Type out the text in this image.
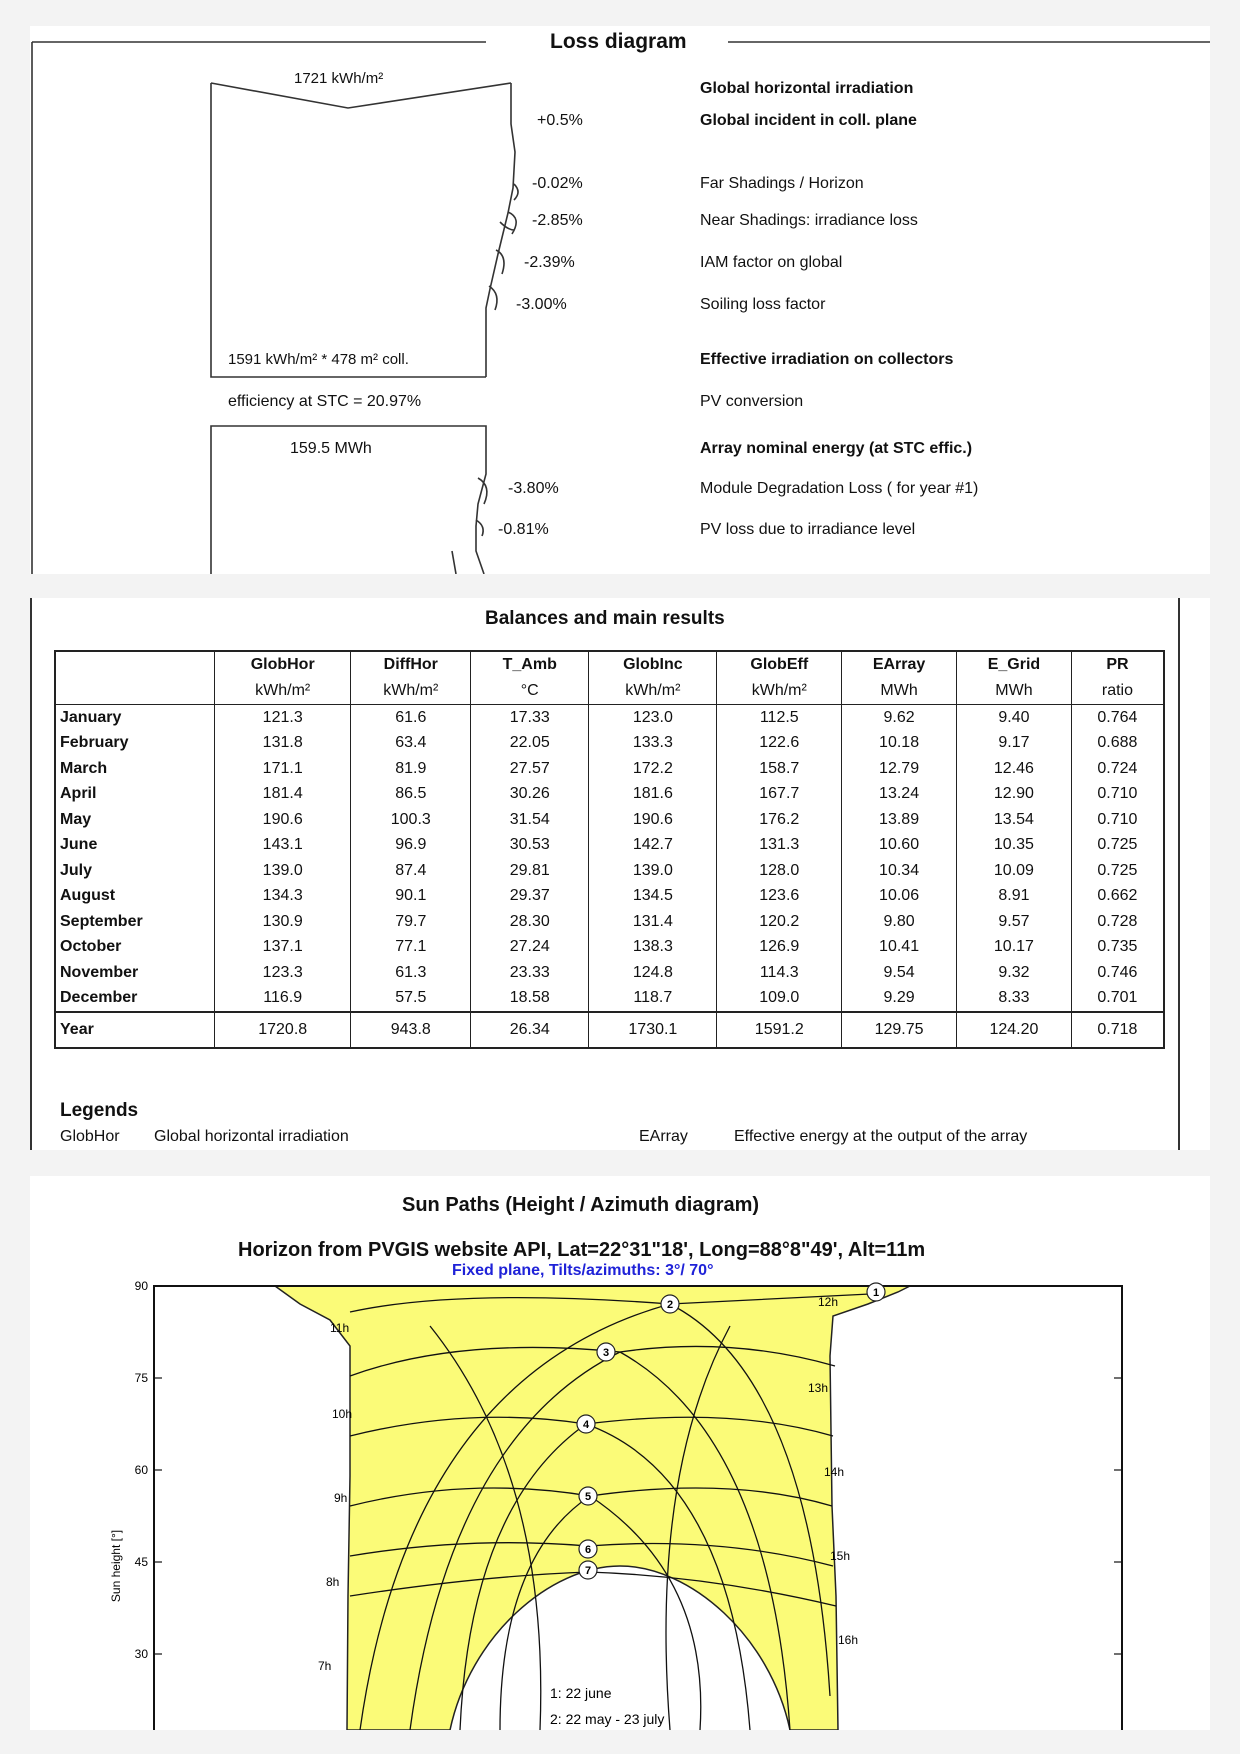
Loss diagram
1721 kWh/m²
+0.5%
-0.02%
-2.85%
-2.39%
-3.00%
1591 kWh/m² * 478 m² coll.
efficiency at STC = 20.97%
159.5 MWh
-3.80%
-0.81%
Global horizontal irradiation
Global incident in coll. plane
Far Shadings / Horizon
Near Shadings: irradiance loss
IAM factor on global
Soiling loss factor
Effective irradiation on collectors
PV conversion
Array nominal energy (at STC effic.)
Module Degradation Loss ( for year #1)
PV loss due to irradiance level
Balances and main results
	GlobHor	DiffHor	T_Amb	GlobInc	GlobEff	EArray	E_Grid	PR
	kWh/m²	kWh/m²	°C	kWh/m²	kWh/m²	MWh	MWh	ratio
January	121.3	61.6	17.33	123.0	112.5	9.62	9.40	0.764
February	131.8	63.4	22.05	133.3	122.6	10.18	9.17	0.688
March	171.1	81.9	27.57	172.2	158.7	12.79	12.46	0.724
April	181.4	86.5	30.26	181.6	167.7	13.24	12.90	0.710
May	190.6	100.3	31.54	190.6	176.2	13.89	13.54	0.710
June	143.1	96.9	30.53	142.7	131.3	10.60	10.35	0.725
July	139.0	87.4	29.81	139.0	128.0	10.34	10.09	0.725
August	134.3	90.1	29.37	134.5	123.6	10.06	8.91	0.662
September	130.9	79.7	28.30	131.4	120.2	9.80	9.57	0.728
October	137.1	77.1	27.24	138.3	126.9	10.41	10.17	0.735
November	123.3	61.3	23.33	124.8	114.3	9.54	9.32	0.746
December	116.9	57.5	18.58	118.7	109.0	9.29	8.33	0.701
Year	1720.8	943.8	26.34	1730.1	1591.2	129.75	124.20	0.718
Legends
GlobHor Global horizontal irradiation	EArray	Effective energy at the output of the array
Sun Paths (Height / Azimuth diagram)
Horizon from PVGIS website API, Lat=22°31"18', Long=88°8"49', Alt=11m
Fixed plane, Tilts/azimuths: 3°/ 70°
1
2
3
4
5
6
7
90
75
60
45
30
Sun height [°]
11h
10h
9h
8h
7h
12h
13h
14h
15h
16h
1: 22 june
2: 22 may - 23 july
